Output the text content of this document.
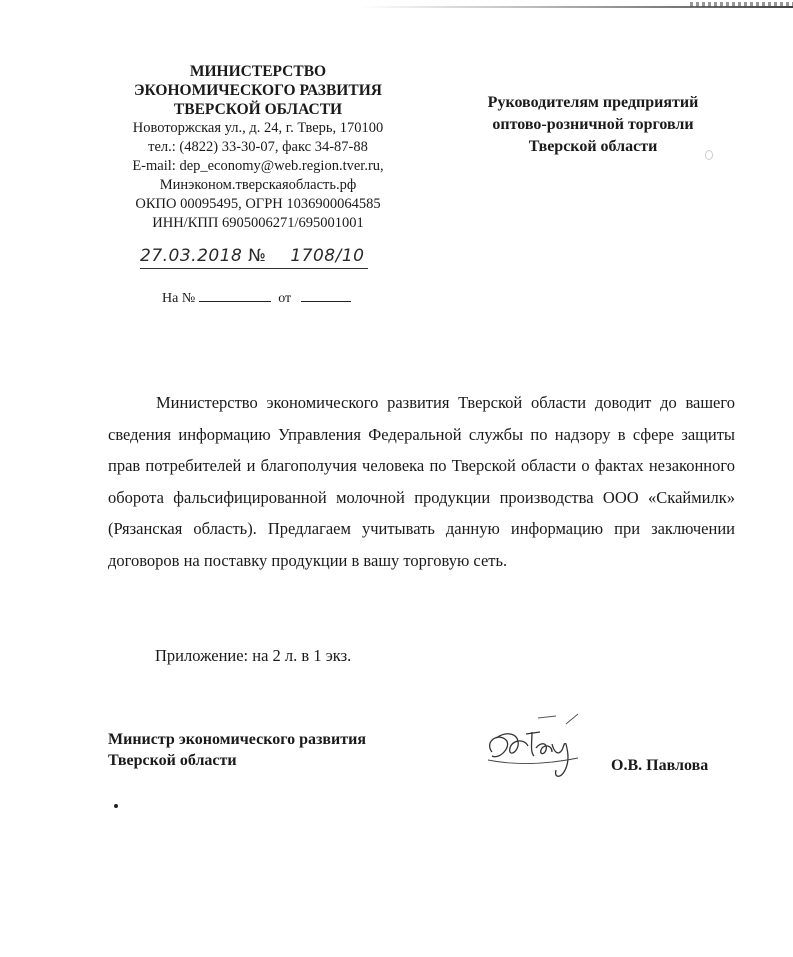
МИНИСТЕРСТВО
ЭКОНОМИЧЕСКОГО РАЗВИТИЯ
ТВЕРСКОЙ ОБЛАСТИ
Новоторжская ул., д. 24, г. Тверь, 170100
тел.: (4822) 33-30-07, факс 34-87-88
E-mail: dep_economy@web.region.tver.ru,
Минэконом.тверскаяобласть.рф
ОКПО 00095495, ОГРН 1036900064585
ИНН/КПП 6905006271/695001001
27.03.2018 № 1708/10
На №	от
Руководителям предприятий
оптово-розничной торговли
Тверской области
Министерство экономического развития Тверской области доводит до вашего сведения информацию Управления Федеральной службы по надзору в сфере защиты прав потребителей и благополучия человека по Тверской области о фактах незаконного оборота фальсифицированной молочной продукции производства ООО «Скаймилк» (Рязанская область). Предлагаем учитывать данную информацию при заключении договоров на поставку продукции в вашу торговую сеть.
Приложение: на 2 л. в 1 экз.
Министр экономического развития
Тверской области	О.В. Павлова
